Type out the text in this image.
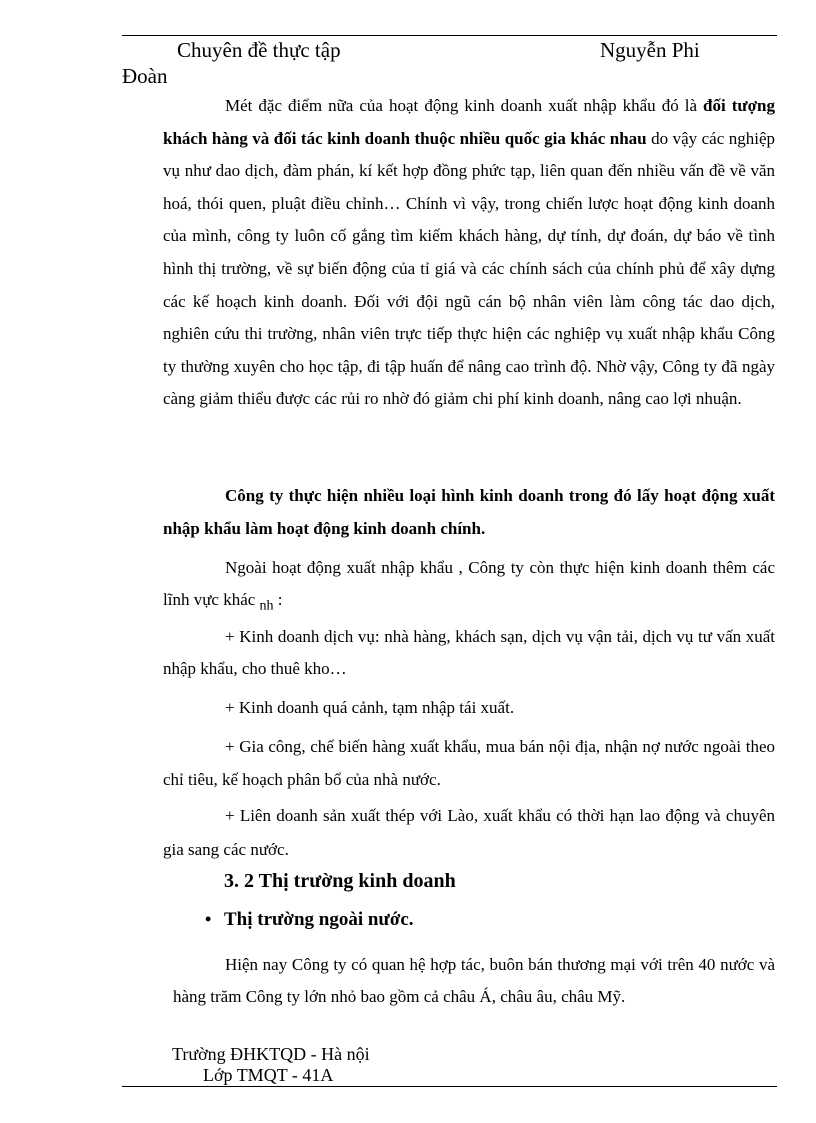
Chuyên đề thực tập	Nguyễn Phi
Đoàn

Mét đặc điểm nữa của hoạt động kinh doanh xuất nhập khẩu đó là đối tượng khách hàng và đối tác kinh doanh thuộc nhiều quốc gia khác nhau do vậy các nghiệp vụ như dao dịch, đàm phán, kí kết hợp đồng phức tạp, liên quan đến nhiều vấn đề về văn hoá, thói quen, pluật điều chỉnh… Chính vì vậy, trong chiến lược hoạt động kinh doanh của mình, công ty luôn cố gắng tìm kiếm khách hàng, dự tính, dự đoán, dự báo về tình hình thị trường, về sự biến động của tỉ giá và các chính sách của chính phủ để xây dựng các kế hoạch kinh doanh. Đối với đội ngũ cán bộ nhân viên làm công tác dao dịch, nghiên cứu thi trường, nhân viên trực tiếp thực hiện các nghiệp vụ xuất nhập khẩu Công ty thường xuyên cho học tập, đi tập huấn để nâng cao trình độ. Nhờ vậy, Công ty đã ngày càng giảm thiểu được các rủi ro nhờ đó giảm chi phí kinh doanh, nâng cao lợi nhuận.

Công ty thực hiện nhiều loại hình kinh doanh trong đó lấy hoạt động xuất nhập khẩu làm hoạt động kinh doanh chính.

Ngoài hoạt động xuất nhập khẩu , Công ty còn thực hiện kinh doanh thêm các lĩnh vực khác $_{nh}$ :

+ Kinh doanh dịch vụ: nhà hàng, khách sạn, dịch vụ vận tải, dịch vụ tư vấn xuất nhập khẩu, cho thuê kho…

+ Kinh doanh quá cảnh, tạm nhập tái xuất.

+ Gia công, chế biến hàng xuất khẩu, mua bán nội địa, nhận nợ nước ngoài theo chỉ tiêu, kế hoạch phân bổ của nhà nước.

+ Liên doanh sản xuất thép với Lào, xuất khẩu có thời hạn lao động và chuyên gia sang các nước.

3. 2 Thị trường kinh doanh
• Thị trường ngoài nước.

Hiện nay Công ty có quan hệ hợp tác, buôn bán thương mại với trên 40 nước và hàng trăm Công ty lớn nhỏ bao gồm cả châu Á, châu âu, châu Mỹ.

Trường ĐHKTQD - Hà nội
Lớp TMQT - 41A
